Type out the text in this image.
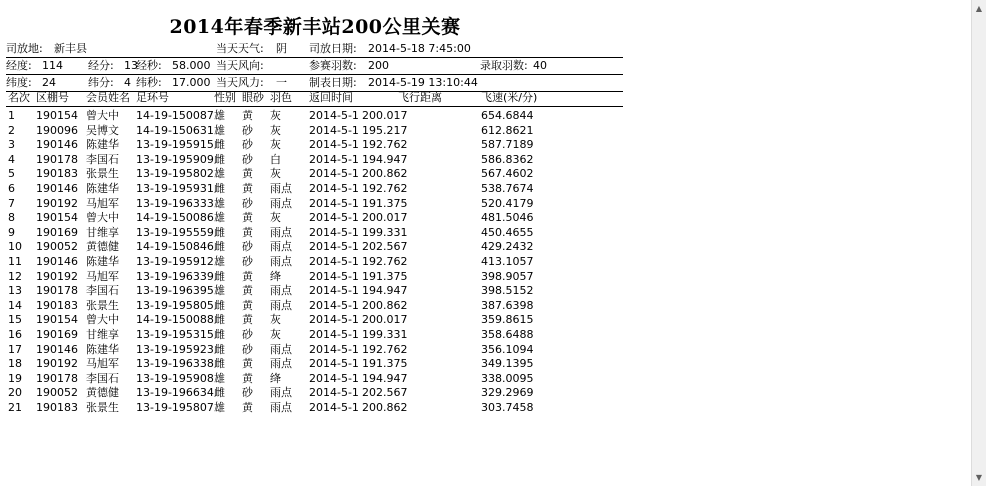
2014年春季新丰站200公里关赛
司放地: 新丰县	当天天气: 阴 司放日期: 2014-5-18 7:45:00
经度: 114 经分: 13
经秒: 58.000 当天风向:	参赛羽数: 200	录取羽数: 40
纬度: 24	纬分: 4 纬秒: 17.000 当天风力: 一 制表日期: 2014-5-19 13:10:44
名次 区棚号	会员姓名 足环号	性别 眼砂 羽色	返回时间	飞行距离	飞速(米/分)
1	190154 曾大中	14-19-150087 雄	黄	灰	2014-5-1 200.017	654.6844
2	190096 吴博文	14-19-150631 雄	砂	灰	2014-5-1 195.217	612.8621
3	190146 陈建华	13-19-195915 雌	砂	灰	2014-5-1 192.762	587.7189
4	190178 李国石	13-19-195909 雌	砂	白	2014-5-1 194.947	586.8362
5	190183 张景生	13-19-195802 雄	黄	灰	2014-5-1 200.862	567.4602
6	190146 陈建华	13-19-195931 雌	黄	雨点	2014-5-1 192.762	538.7674
7	190192 马旭军	13-19-196333 雄	砂	雨点	2014-5-1 191.375	520.4179
8	190154 曾大中	14-19-150086 雄	黄	灰	2014-5-1 200.017	481.5046
9	190169 甘维享	13-19-195559 雌	黄	雨点	2014-5-1 199.331	450.4655
10	190052 黄德健	14-19-150846 雌	砂	雨点	2014-5-1 202.567	429.2432
11	190146 陈建华	13-19-195912 雄	砂	雨点	2014-5-1 192.762	413.1057
12	190192 马旭军	13-19-196339 雌	黄	绛	2014-5-1 191.375	398.9057
13	190178 李国石	13-19-196395 雄	黄	雨点	2014-5-1 194.947	398.5152
14	190183 张景生	13-19-195805 雌	黄	雨点	2014-5-1 200.862	387.6398
15	190154 曾大中	14-19-150088 雌	黄	灰	2014-5-1 200.017	359.8615
16	190169 甘维享	13-19-195315 雌	砂	灰	2014-5-1 199.331	358.6488
17	190146 陈建华	13-19-195923 雌	砂	雨点	2014-5-1 192.762	356.1094
18	190192 马旭军	13-19-196338 雌	黄	雨点	2014-5-1 191.375	349.1395
19	190178 李国石	13-19-195908 雄	黄	绛	2014-5-1 194.947	338.0095
20	190052 黄德健	13-19-196634 雌	砂	雨点	2014-5-1 202.567	329.2969
21	190183 张景生	13-19-195807 雄	黄	雨点	2014-5-1 200.862	303.7458
▲
▼
